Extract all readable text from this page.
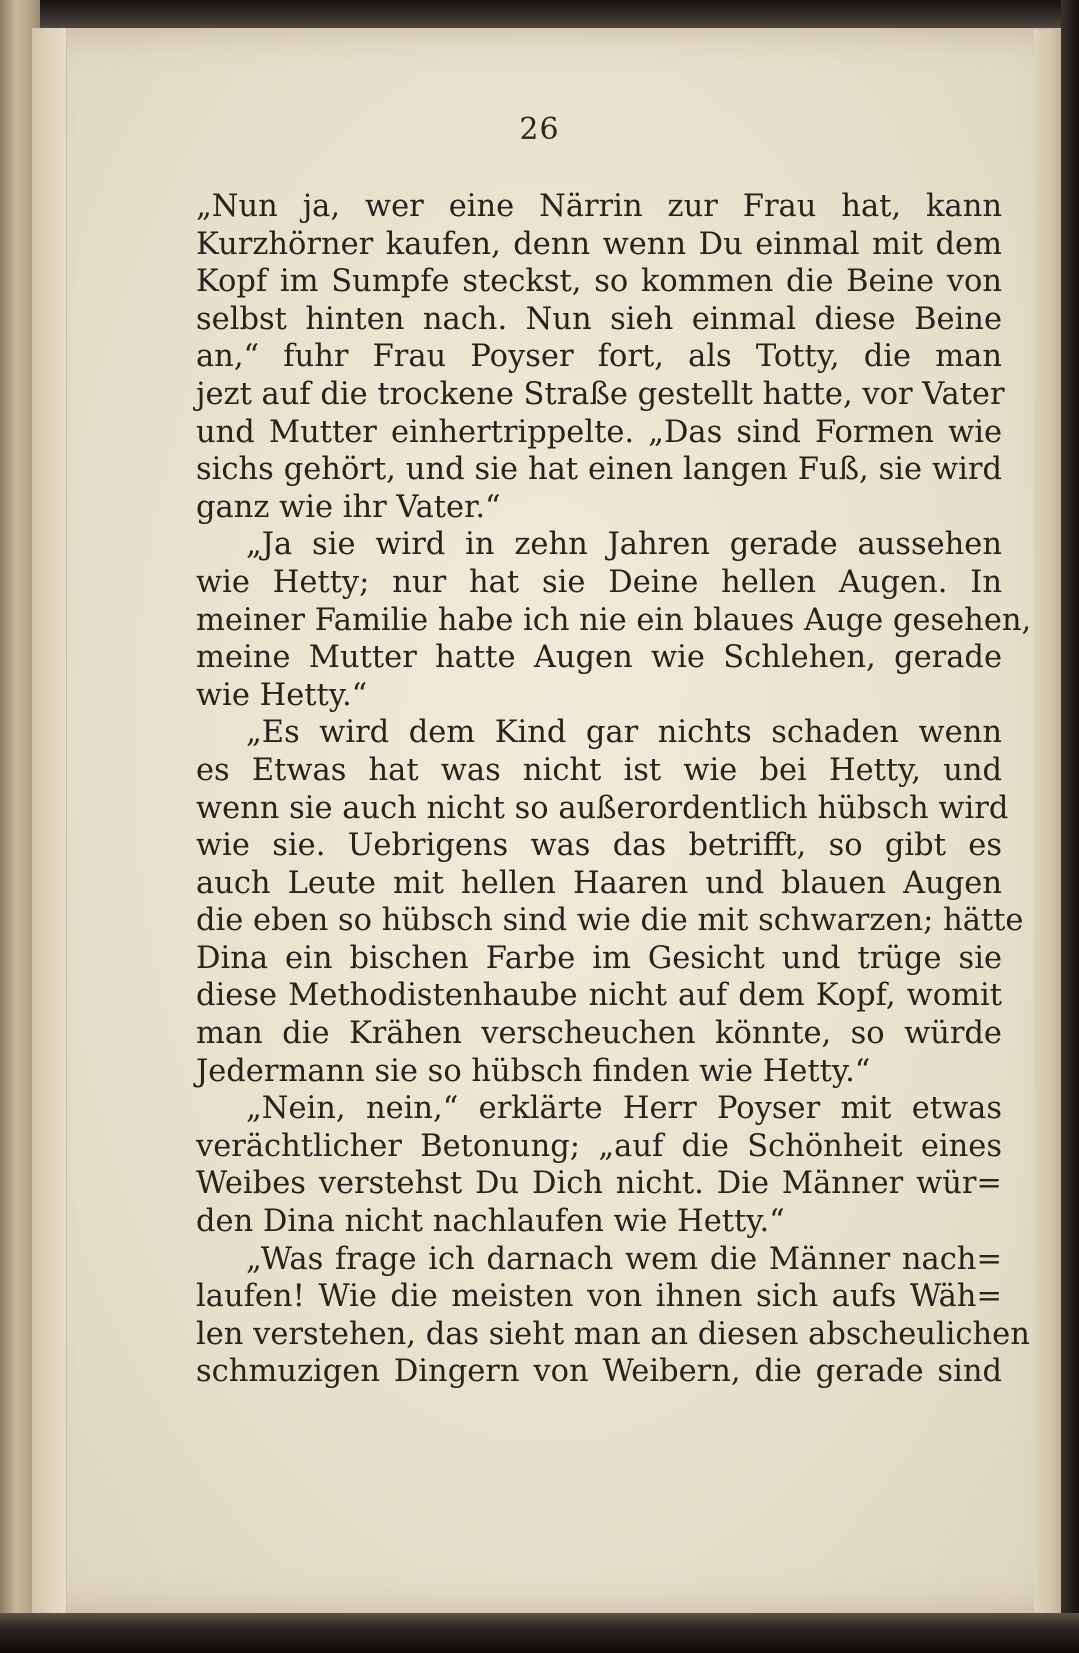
26
„Nun ja, wer eine Närrin zur Frau hat, kann
Kurzhörner kaufen, denn wenn Du einmal mit dem
Kopf im Sumpfe steckst, so kommen die Beine von
selbst hinten nach. Nun sieh einmal diese Beine
an,“ fuhr Frau Poyser fort, als Totty, die man
jezt auf die trockene Straße gestellt hatte, vor Vater
und Mutter einhertrippelte. „Das sind Formen wie
sichs gehört, und sie hat einen langen Fuß, sie wird
ganz wie ihr Vater.“
„Ja sie wird in zehn Jahren gerade aussehen
wie Hetty; nur hat sie Deine hellen Augen. In
meiner Familie habe ich nie ein blaues Auge gesehen,
meine Mutter hatte Augen wie Schlehen, gerade
wie Hetty.“
„Es wird dem Kind gar nichts schaden wenn
es Etwas hat was nicht ist wie bei Hetty, und
wenn sie auch nicht so außerordentlich hübsch wird
wie sie. Uebrigens was das betrifft, so gibt es
auch Leute mit hellen Haaren und blauen Augen
die eben so hübsch sind wie die mit schwarzen; hätte
Dina ein bischen Farbe im Gesicht und trüge sie
diese Methodistenhaube nicht auf dem Kopf, womit
man die Krähen verscheuchen könnte, so würde
Jedermann sie so hübsch finden wie Hetty.“
„Nein, nein,“ erklärte Herr Poyser mit etwas
verächtlicher Betonung; „auf die Schönheit eines
Weibes verstehst Du Dich nicht. Die Männer wür=
den Dina nicht nachlaufen wie Hetty.“
„Was frage ich darnach wem die Männer nach=
laufen! Wie die meisten von ihnen sich aufs Wäh=
len verstehen, das sieht man an diesen abscheulichen
schmuzigen Dingern von Weibern, die gerade sind
